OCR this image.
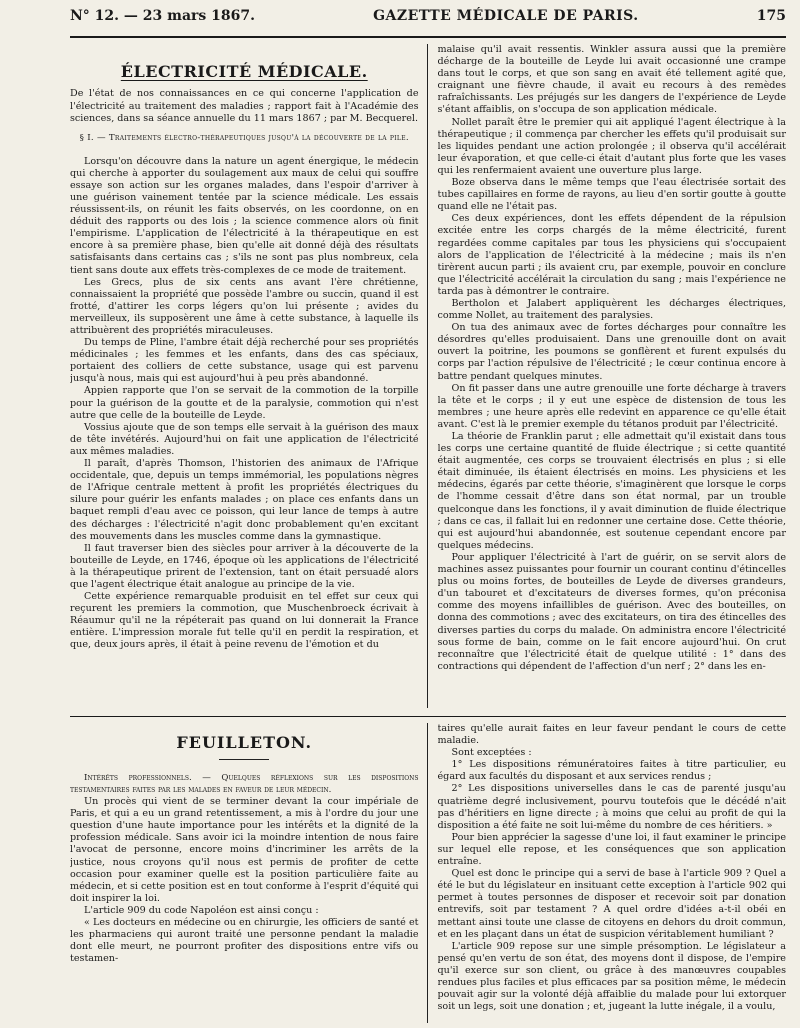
N° 12. — 23 mars 1867.	GAZETTE MÉDICALE DE PARIS.	175
ÉLECTRICITÉ MÉDICALE.

De l'état de nos connaissances en ce qui concerne l'application de l'électricité au traitement des maladies ; rapport fait à l'Académie des sciences, dans sa séance annuelle du 11 mars 1867 ; par M. Becquerel.

§ I. — Traitements électro-thérapeutiques jusqu'à la découverte de la pile.

Lorsqu'on découvre dans la nature un agent énergique, le médecin qui cherche à apporter du soulagement aux maux de celui qui souffre essaye son action sur les organes malades, dans l'espoir d'arriver à une guérison vainement tentée par la science médicale. Les essais réussissent-ils, on réunit les faits observés, on les coordonne, on en déduit des rapports ou des lois ; la science commence alors où finit l'empirisme. L'application de l'électricité à la thérapeutique en est encore à sa première phase, bien qu'elle ait donné déjà des résultats satisfaisants dans certains cas ; s'ils ne sont pas plus nombreux, cela tient sans doute aux effets très-complexes de ce mode de traitement.

Les Grecs, plus de six cents ans avant l'ère chrétienne, connaissaient la propriété que possède l'ambre ou succin, quand il est frotté, d'attirer les corps légers qu'on lui présente ; avides du merveilleux, ils supposèrent une âme à cette substance, à laquelle ils attribuèrent des propriétés miraculeuses.

Du temps de Pline, l'ambre était déjà recherché pour ses propriétés médicinales ; les femmes et les enfants, dans des cas spéciaux, portaient des colliers de cette substance, usage qui est parvenu jusqu'à nous, mais qui est aujourd'hui à peu près abandonné.

Appien rapporte que l'on se servait de la commotion de la torpille pour la guérison de la goutte et de la paralysie, commotion qui n'est autre que celle de la bouteille de Leyde.

Vossius ajoute que de son temps elle servait à la guérison des maux de tête invétérés. Aujourd'hui on fait une application de l'électricité aux mêmes maladies.

Il paraît, d'après Thomson, l'historien des animaux de l'Afrique occidentale, que, depuis un temps immémorial, les populations nègres de l'Afrique centrale mettent à profit les propriétés électriques du silure pour guérir les enfants malades ; on place ces enfants dans un baquet rempli d'eau avec ce poisson, qui leur lance de temps à autre des décharges : l'électricité n'agit donc probablement qu'en excitant des mouvements dans les muscles comme dans la gymnastique.

Il faut traverser bien des siècles pour arriver à la découverte de la bouteille de Leyde, en 1746, époque où les applications de l'électricité à la thérapeutique prirent de l'extension, tant on était persuadé alors que l'agent électrique était analogue au principe de la vie.

Cette expérience remarquable produisit en tel effet sur ceux qui reçurent les premiers la commotion, que Muschenbroeck écrivait à Réaumur qu'il ne la répéterait pas quand on lui donnerait la France entière. L'impression morale fut telle qu'il en perdit la respiration, et que, deux jours après, il était à peine revenu de l'émotion et du

malaise qu'il avait ressentis. Winkler assura aussi que la première décharge de la bouteille de Leyde lui avait occasionné une crampe dans tout le corps, et que son sang en avait été tellement agité que, craignant une fièvre chaude, il avait eu recours à des remèdes rafraîchissants. Les préjugés sur les dangers de l'expérience de Leyde s'étant affaiblis, on s'occupa de son application médicale.

Nollet paraît être le premier qui ait appliqué l'agent électrique à la thérapeutique ; il commença par chercher les effets qu'il produisait sur les liquides pendant une action prolongée ; il observa qu'il accélérait leur évaporation, et que celle-ci était d'autant plus forte que les vases qui les renfermaient avaient une ouverture plus large.

Boze observa dans le même temps que l'eau électrisée sortait des tubes capillaires en forme de rayons, au lieu d'en sortir goutte à goutte quand elle ne l'était pas.

Ces deux expériences, dont les effets dépendent de la répulsion excitée entre les corps chargés de la même électricité, furent regardées comme capitales par tous les physiciens qui s'occupaient alors de l'application de l'électricité à la médecine ; mais ils n'en tirèrent aucun parti ; ils avaient cru, par exemple, pouvoir en conclure que l'électricité accélérait la circulation du sang ; mais l'expérience ne tarda pas à démontrer le contraire.

Bertholon et Jalabert appliquèrent les décharges électriques, comme Nollet, au traitement des paralysies.

On tua des animaux avec de fortes décharges pour connaître les désordres qu'elles produisaient. Dans une grenouille dont on avait ouvert la poitrine, les poumons se gonflèrent et furent expulsés du corps par l'action répulsive de l'électricité ; le cœur continua encore à battre pendant quelques minutes.

On fit passer dans une autre grenouille une forte décharge à travers la tête et le corps ; il y eut une espèce de distension de tous les membres ; une heure après elle redevint en apparence ce qu'elle était avant. C'est là le premier exemple du tétanos produit par l'électricité.

La théorie de Franklin parut ; elle admettait qu'il existait dans tous les corps une certaine quantité de fluide électrique ; si cette quantité était augmentée, ces corps se trouvaient électrisés en plus ; si elle était diminuée, ils étaient électrisés en moins. Les physiciens et les médecins, égarés par cette théorie, s'imaginèrent que lorsque le corps de l'homme cessait d'être dans son état normal, par un trouble quelconque dans les fonctions, il y avait diminution de fluide électrique ; dans ce cas, il fallait lui en redonner une certaine dose. Cette théorie, qui est aujourd'hui abandonnée, est soutenue cependant encore par quelques médecins.

Pour appliquer l'électricité à l'art de guérir, on se servit alors de machines assez puissantes pour fournir un courant continu d'étincelles plus ou moins fortes, de bouteilles de Leyde de diverses grandeurs, d'un tabouret et d'excitateurs de diverses formes, qu'on préconisa comme des moyens infaillibles de guérison. Avec des bouteilles, on donna des commotions ; avec des excitateurs, on tira des étincelles des diverses parties du corps du malade. On administra encore l'électricité sous forme de bain, comme on le fait encore aujourd'hui. On crut reconnaître que l'électricité était de quelque utilité : 1° dans des contractions qui dépendent de l'affection d'un nerf ; 2° dans les en-

FEUILLETON.

Intérêts professionnels. — Quelques réflexions sur les dispositions testamentaires faites par les malades en faveur de leur médecin.

Un procès qui vient de se terminer devant la cour impériale de Paris, et qui a eu un grand retentissement, a mis à l'ordre du jour une question d'une haute importance pour les intérêts et la dignité de la profession médicale. Sans avoir ici la moindre intention de nous faire l'avocat de personne, encore moins d'incriminer les arrêts de la justice, nous croyons qu'il nous est permis de profiter de cette occasion pour examiner quelle est la position particulière faite au médecin, et si cette position est en tout conforme à l'esprit d'équité qui doit inspirer la loi.

L'article 909 du code Napoléon est ainsi conçu :

« Les docteurs en médecine ou en chirurgie, les officiers de santé et les pharmaciens qui auront traité une personne pendant la maladie dont elle meurt, ne pourront profiter des dispositions entre vifs ou testamen-

taires qu'elle aurait faites en leur faveur pendant le cours de cette maladie.

Sont exceptées :

1° Les dispositions rémunératoires faites à titre particulier, eu égard aux facultés du disposant et aux services rendus ;

2° Les dispositions universelles dans le cas de parenté jusqu'au quatrième degré inclusivement, pourvu toutefois que le décédé n'ait pas d'héritiers en ligne directe ; à moins que celui au profit de qui la disposition a été faite ne soit lui-même du nombre de ces héritiers. »

Pour bien apprécier la sagesse d'une loi, il faut examiner le principe sur lequel elle repose, et les conséquences que son application entraîne.

Quel est donc le principe qui a servi de base à l'article 909 ? Quel a été le but du législateur en insituant cette exception à l'article 902 qui permet à toutes personnes de disposer et recevoir soit par donation entrevifs, soit par testament ? A quel ordre d'idées a-t-il obéi en mettant ainsi toute une classe de citoyens en dehors du droit commun, et en les plaçant dans un état de suspicion véritablement humiliant ?

L'article 909 repose sur une simple présomption. Le législateur a pensé qu'en vertu de son état, des moyens dont il dispose, de l'empire qu'il exerce sur son client, ou grâce à des manœuvres coupables rendues plus faciles et plus efficaces par sa position même, le médecin pouvait agir sur la volonté déjà affaiblie du malade pour lui extorquer soit un legs, soit une donation ; et, jugeant la lutte inégale, il a voulu,
